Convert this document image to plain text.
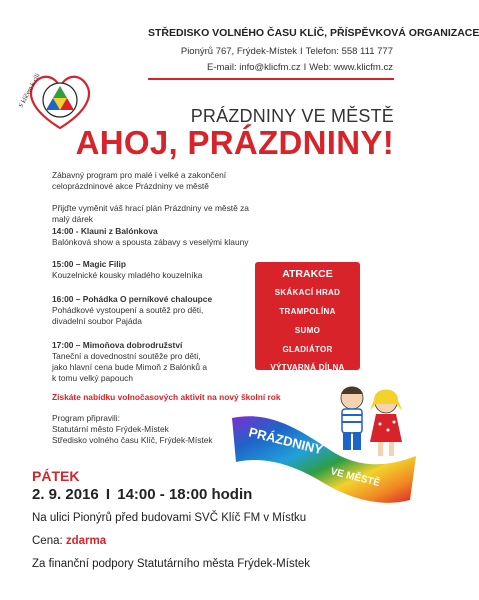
STŘEDISKO VOLNÉHO ČASU KLÍČ, PŘÍSPĚVKOVÁ ORGANIZACE
Pionýrů 767, Frýdek-Místek I Telefon: 558 111 777
E-mail: info@klicfm.cz I Web: www.klicfm.cz
S klíčem k cíli
PRÁZDNINY VE MĚSTĚ
AHOJ, PRÁZDNINY!
Zábavný program pro malé i velké a zakončení celoprázdninové akce Prázdniny ve městě
Přijďte vyměnit váš hrací plán Prázdniny ve městě za malý dárek
14:00 - Klauni z Balónkova
Balónková show a spousta zábavy s veselými klauny
15:00 – Magic Filip
Kouzelnické kousky mladého kouzelníka
16:00 – Pohádka O perníkové chaloupce
Pohádkové vystoupení a soutěž pro děti, divadelní soubor Pajáda
17:00 – Mimoňova dobrodružství
Taneční a dovednostní soutěže pro děti, jako hlavní cena bude Mimoň z Balónků a k tomu velký papouch
Získáte nabídku volnočasových aktivit na nový školní rok
Program připravili:
Statutární město Frýdek-Místek
Středisko volného času Klíč, Frýdek-Místek
ATRAKCE
SKÁKACÍ HRAD
TRAMPOLÍNA
SUMO
GLADIÁTOR
VÝTVARNÁ DÍLNA
PRÁZDNINY
VE MĚSTĚ
PÁTEK
2. 9. 2016 I 14:00 - 18:00 hodin
Na ulici Pionýrů před budovami SVČ Klíč FM v Místku
Cena: zdarma
Za finanční podpory Statutárního města Frýdek-Místek
